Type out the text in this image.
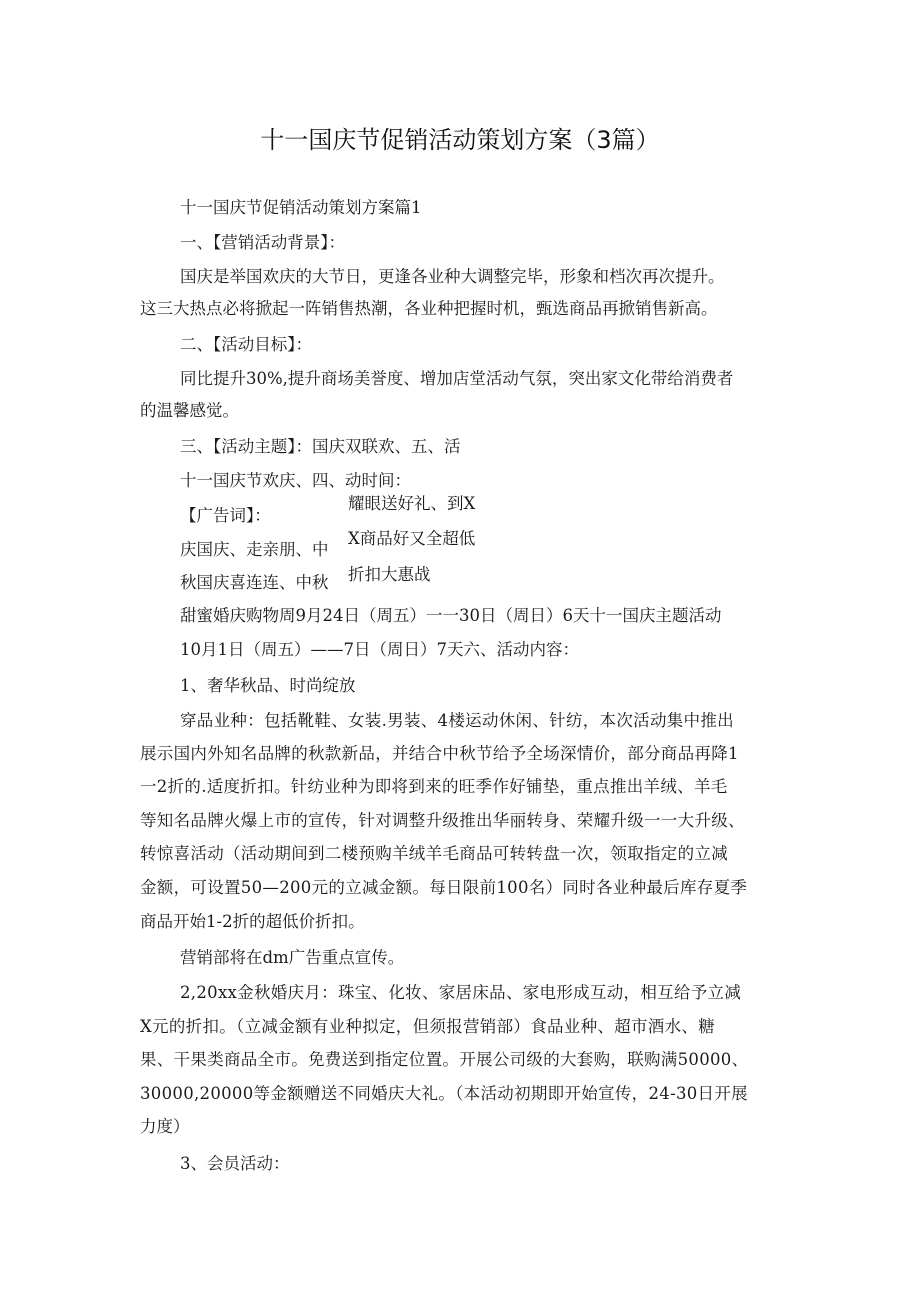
十一国庆节促销活动策划方案（3篇）
十一国庆节促销活动策划方案篇1
一、【营销活动背景】：
国庆是举国欢庆的大节日，更逢各业种大调整完毕，形象和档次再次提升。
这三大热点必将掀起一阵销售热潮，各业种把握时机，甄选商品再掀销售新高。
二、【活动目标】：
同比提升30%,提升商场美誉度、增加店堂活动气氛，突出家文化带给消费者
的温馨感觉。
三、【活动主题】：国庆双联欢、五、活
十一国庆节欢庆、四、动时间：
【广告词】：
耀眼送好礼、到X
庆国庆、走亲朋、中
X商品好又全超低
秋国庆喜连连、中秋 折扣大惠战
甜蜜婚庆购物周9月24日（周五）一一30日（周日）6天十一国庆主题活动
10月1日（周五）——7日（周日）7天六、活动内容：
1、奢华秋品、时尚绽放
穿品业种：包括靴鞋、女装.男装、4楼运动休闲、针纺，本次活动集中推出
展示国内外知名品牌的秋款新品，并结合中秋节给予全场深情价，部分商品再降1
一2折的.适度折扣。针纺业种为即将到来的旺季作好铺垫，重点推出羊绒、羊毛
等知名品牌火爆上市的宣传，针对调整升级推出华丽转身、荣耀升级一一大升级、
转惊喜活动（活动期间到二楼预购羊绒羊毛商品可转转盘一次，领取指定的立减
金额，可设置50—200元的立减金额。每日限前100名）同时各业种最后库存夏季
商品开始1-2折的超低价折扣。
营销部将在dm广告重点宣传。
2,20xx金秋婚庆月：珠宝、化妆、家居床品、家电形成互动，相互给予立减
X元的折扣。（立减金额有业种拟定，但须报营销部）食品业种、超市酒水、糖
果、干果类商品全市。免费送到指定位置。开展公司级的大套购，联购满50000、
30000,20000等金额赠送不同婚庆大礼。（本活动初期即开始宣传，24-30日开展
力度）
3、会员活动：
